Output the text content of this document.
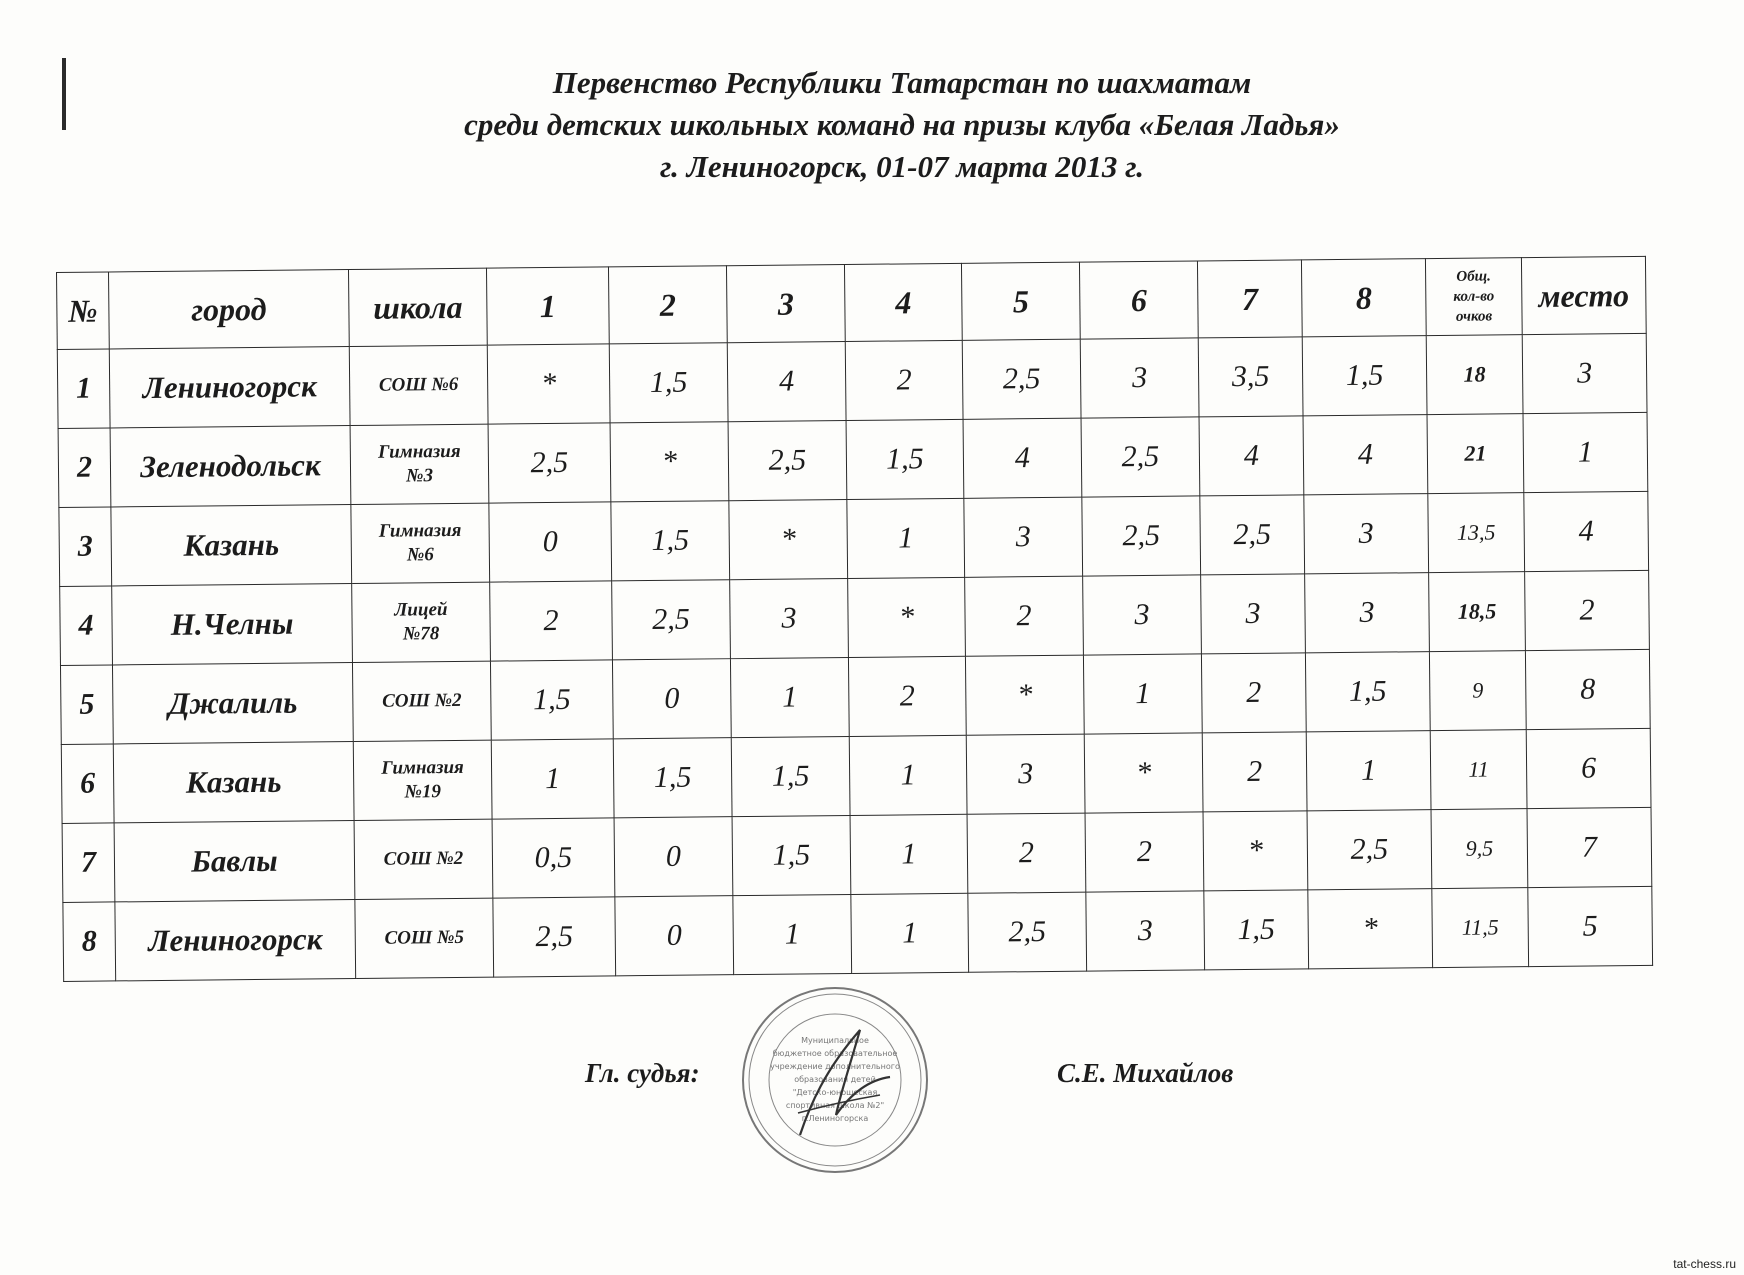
Первенство Республики Татарстан по шахматам
среди детских школьных команд на призы клуба «Белая Ладья»
г. Лениногорск, 01-07 марта 2013 г.
№	город	школа	1	2	3	4	5	6	7	8	Общ.
кол-во
очков	место
1	Лениногорск	СОШ №6	*	1,5	4	2	2,5	3	3,5	1,5	18	3
2	Зеленодольск	Гимназия
№3	2,5	*	2,5	1,5	4	2,5	4	4	21	1
3	Казань	Гимназия
№6	0	1,5	*	1	3	2,5	2,5	3	13,5	4
4	Н.Челны	Лицей
№78	2	2,5	3	*	2	3	3	3	18,5	2
5	Джалиль	СОШ №2	1,5	0	1	2	*	1	2	1,5	9	8
6	Казань	Гимназия
№19	1	1,5	1,5	1	3	*	2	1	11	6
7	Бавлы	СОШ №2	0,5	0	1,5	1	2	2	*	2,5	9,5	7
8	Лениногорск	СОШ №5	2,5	0	1	1	2,5	3	1,5	*	11,5	5
Гл. судья:
Муниципальное
бюджетное образовательное
учреждение дополнительного
образования детей
"Детско-юношеская
спортивная школа №2"
г.Лениногорска
С.Е. Михайлов
tat-chess.ru
